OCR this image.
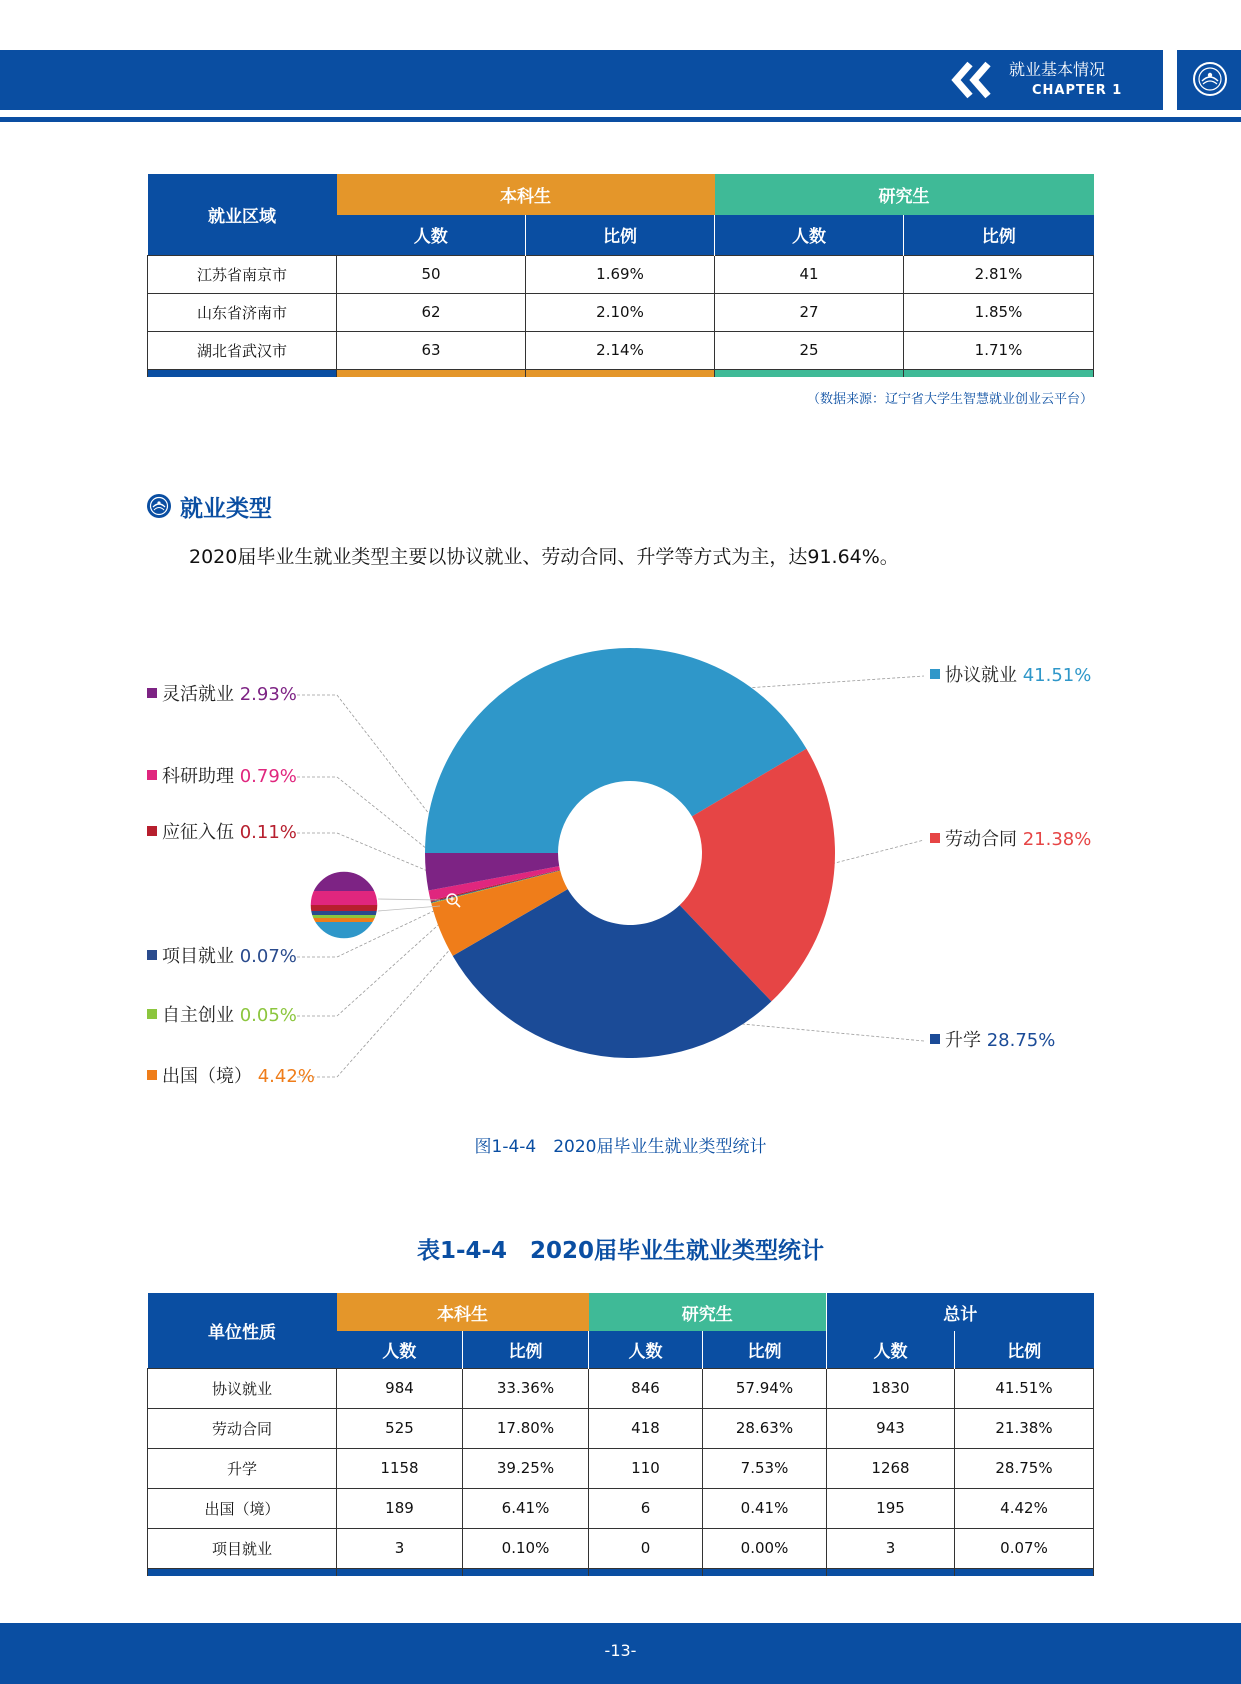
就业基本情况
CHAPTER 1
就业区域	本科生		研究生	
	人数	比例	人数	比例
江苏省南京市	50	1.69%	41	2.81%
山东省济南市	62	2.10%	27	1.85%
湖北省武汉市	63	2.14%	25	1.71%

（数据来源：辽宁省大学生智慧就业创业云平台）
就业类型
2020届毕业生就业类型主要以协议就业、劳动合同、升学等方式为主，达91.64%。
协议就业 41.51%
劳动合同 21.38%
升学 28.75%
出国（境） 4.42%
自主创业 0.05%
项目就业 0.07%
应征入伍 0.11%
科研助理 0.79%
灵活就业 2.93%
图1-4-4　2020届毕业生就业类型统计
表1-4-4　2020届毕业生就业类型统计
单位性质	本科生		研究生		总计	
	人数	比例	人数	比例	人数	比例
协议就业	984	33.36%	846	57.94%	1830	41.51%
劳动合同	525	17.80%	418	28.63%	943	21.38%
升学	1158	39.25%	110	7.53%	1268	28.75%
出国（境）	189	6.41%	6	0.41%	195	4.42%
项目就业	3	0.10%	0	0.00%	3	0.07%

-13-
